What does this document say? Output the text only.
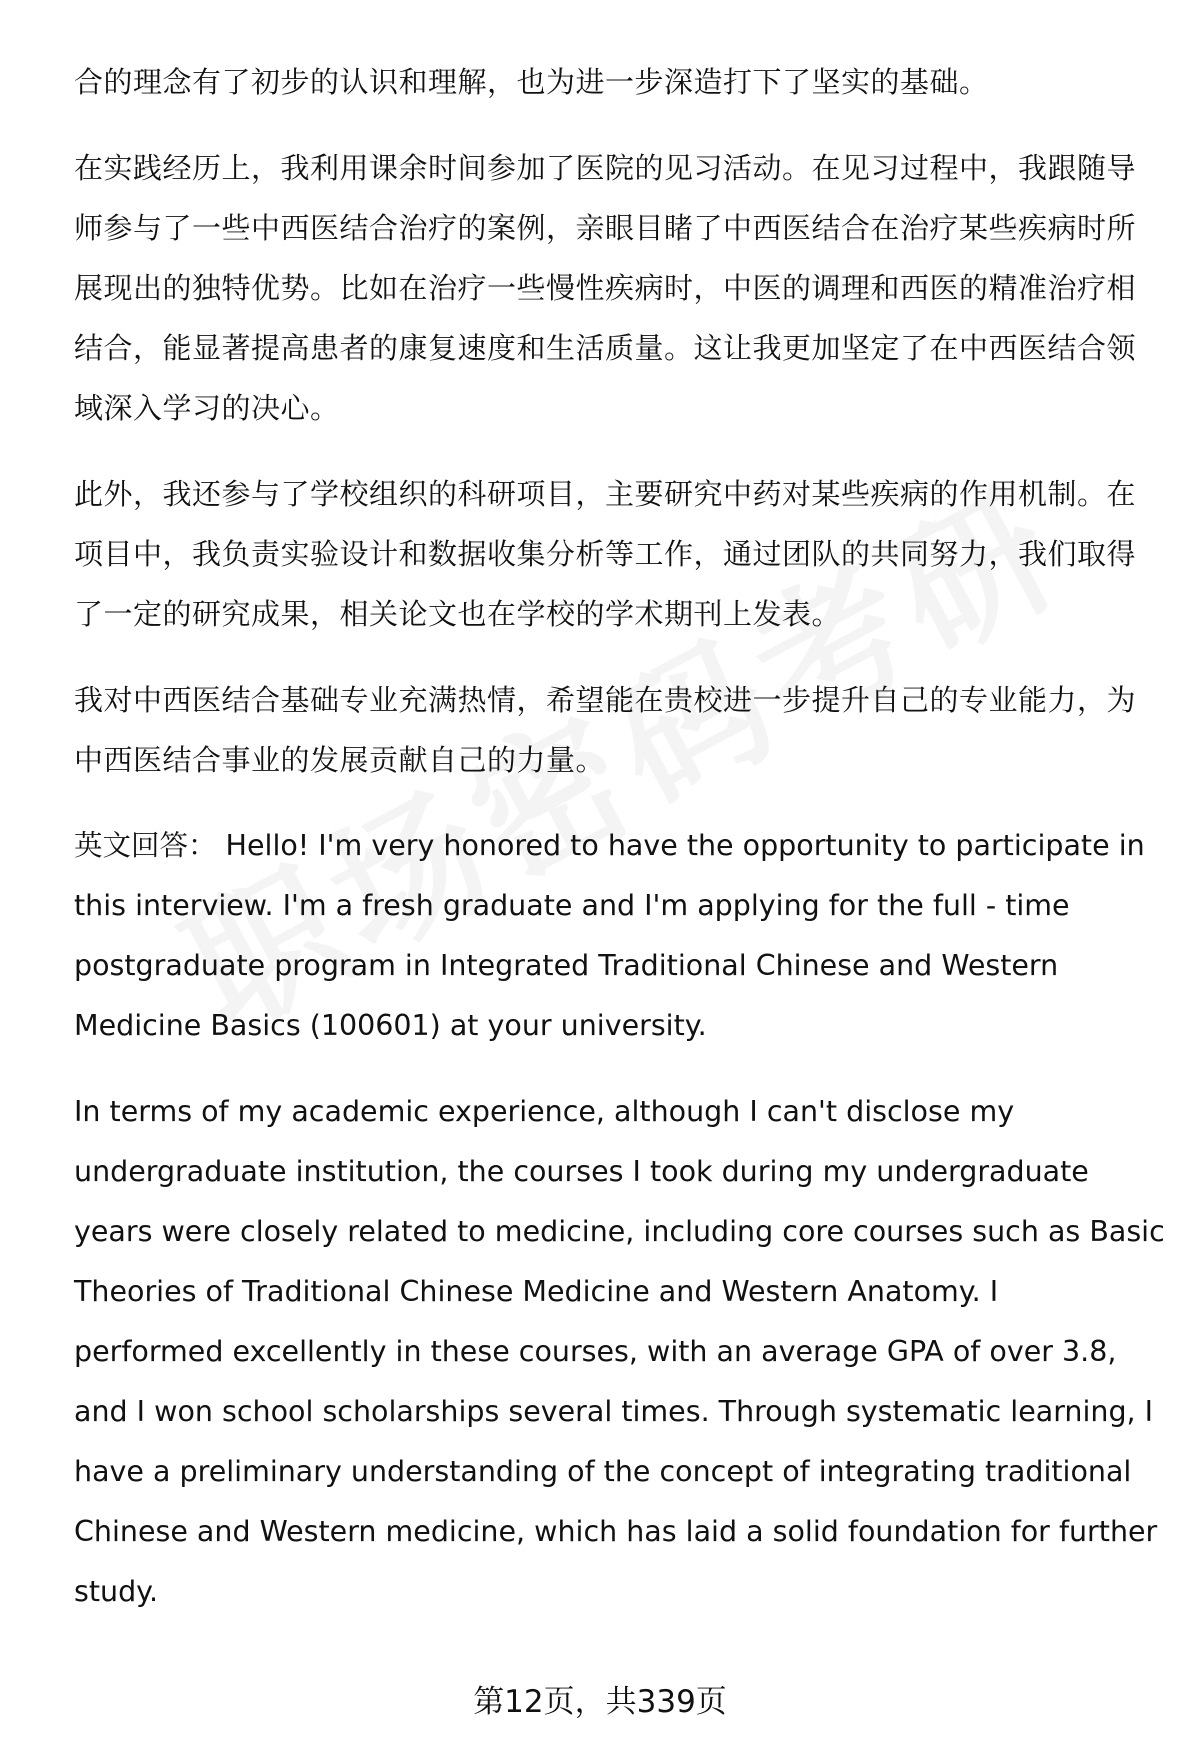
合的理念有了初步的认识和理解，也为进一步深造打下了坚实的基础。

在实践经历上，我利用课余时间参加了医院的见习活动。在见习过程中，我跟随导
师参与了一些中西医结合治疗的案例，亲眼目睹了中西医结合在治疗某些疾病时所
展现出的独特优势。比如在治疗一些慢性疾病时，中医的调理和西医的精准治疗相
结合，能显著提高患者的康复速度和生活质量。这让我更加坚定了在中西医结合领
域深入学习的决心。

此外，我还参与了学校组织的科研项目，主要研究中药对某些疾病的作用机制。在
项目中，我负责实验设计和数据收集分析等工作，通过团队的共同努力，我们取得
了一定的研究成果，相关论文也在学校的学术期刊上发表。

我对中西医结合基础专业充满热情，希望能在贵校进一步提升自己的专业能力，为
中西医结合事业的发展贡献自己的力量。

英文回答： Hello! I'm very honored to have the opportunity to participate in
this interview. I'm a fresh graduate and I'm applying for the full - time
postgraduate program in Integrated Traditional Chinese and Western
Medicine Basics (100601) at your university.

In terms of my academic experience, although I can't disclose my
undergraduate institution, the courses I took during my undergraduate
years were closely related to medicine, including core courses such as Basic
Theories of Traditional Chinese Medicine and Western Anatomy. I
performed excellently in these courses, with an average GPA of over 3.8,
and I won school scholarships several times. Through systematic learning, I
have a preliminary understanding of the concept of integrating traditional
Chinese and Western medicine, which has laid a solid foundation for further
study.

第12页，共339页
